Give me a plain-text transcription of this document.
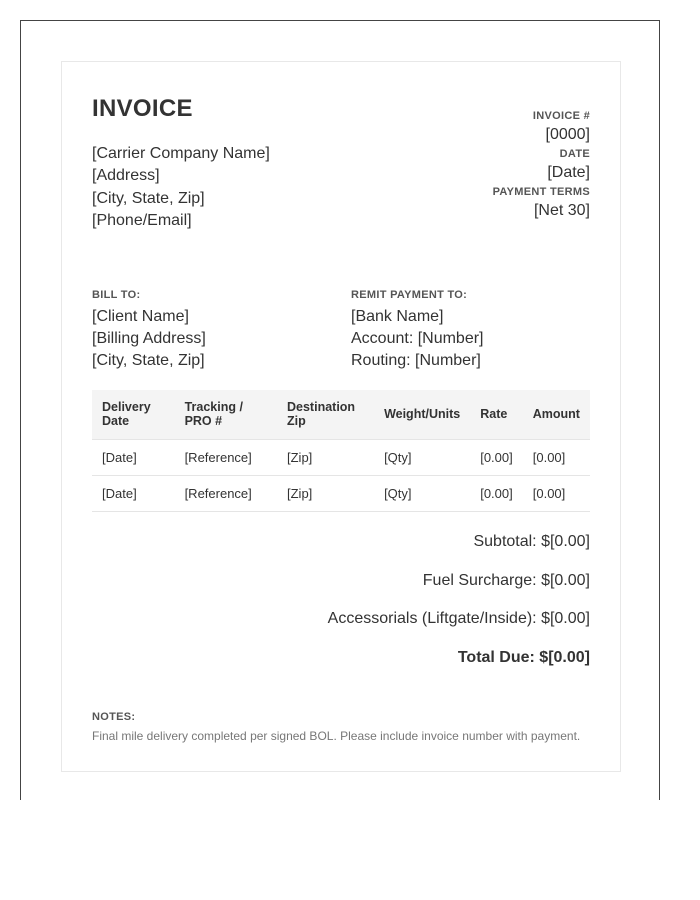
INVOICE
[Carrier Company Name]
[Address]
[City, State, Zip]
[Phone/Email]
INVOICE #
[0000]
DATE
[Date]
PAYMENT TERMS
[Net 30]
BILL TO:
[Client Name]
[Billing Address]
[City, State, Zip]
REMIT PAYMENT TO:
[Bank Name]
Account: [Number]
Routing: [Number]
Delivery Date	Tracking / PRO #	Destination Zip	Weight/Units	Rate	Amount
[Date]	[Reference]	[Zip]	[Qty]	[0.00]	[0.00]
[Date]	[Reference]	[Zip]	[Qty]	[0.00]	[0.00]
Subtotal: $[0.00]
Fuel Surcharge: $[0.00]
Accessorials (Liftgate/Inside): $[0.00]
Total Due: $[0.00]
NOTES:
Final mile delivery completed per signed BOL. Please include invoice number with payment.
